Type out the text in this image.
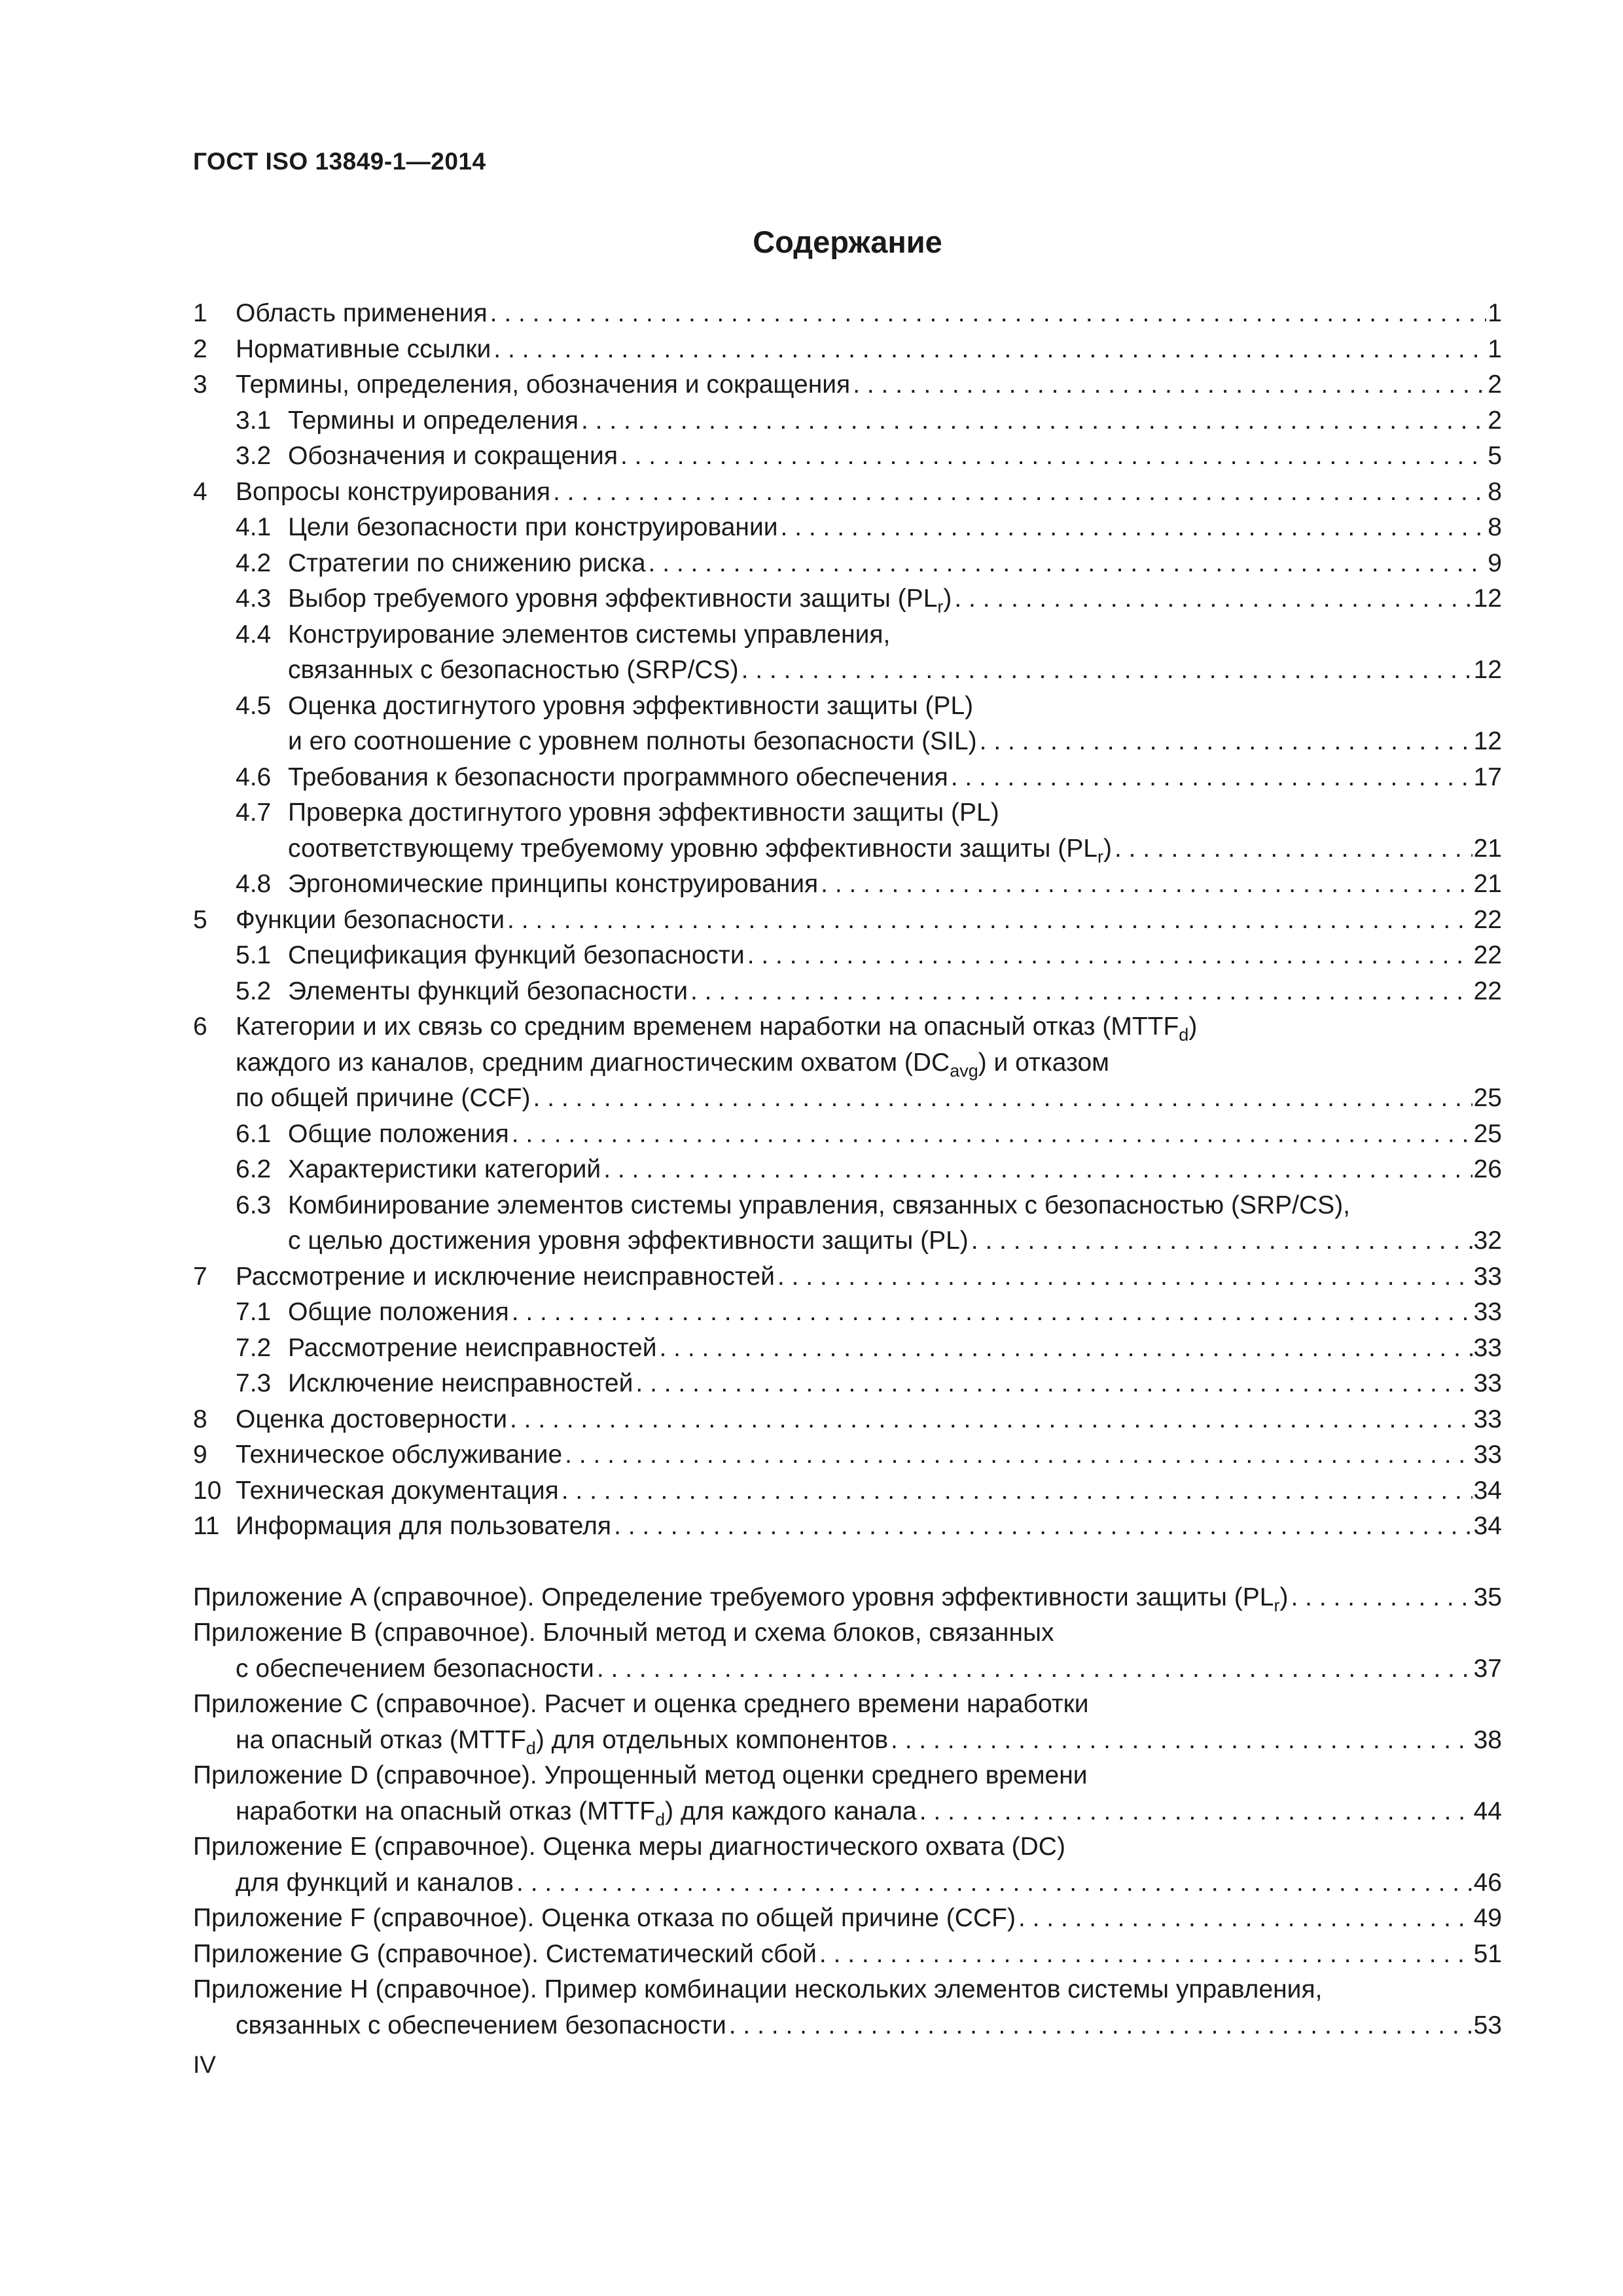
ГОСТ ISO 13849-1—2014
Содержание
1 Область применения . . .	1
2 Нормативные ссылки . . .	1
3 Термины, определения, обозначения и сокращения . . .	2
3.1 Термины и определения . . .	2
3.2 Обозначения и сокращения . . .	5
4 Вопросы конструирования . . .	8
4.1 Цели безопасности при конструировании . . .	8
4.2 Стратегии по снижению риска . . .	9
4.3 Выбор требуемого уровня эффективности защиты $(PL_r)$ . . .	12
4.4 Конструирование элементов системы управления,
связанных с безопасностью (SRP/CS) . . .	12
4.5 Оценка достигнутого уровня эффективности защиты (PL)
и его соотношение с уровнем полноты безопасности (SIL) . . .	12
4.6 Требования к безопасности программного обеспечения . . .	17
4.7 Проверка достигнутого уровня эффективности защиты (PL)
соответствующему требуемому уровню эффективности защиты $(PL_r)$ . . .	21
4.8 Эргономические принципы конструирования . . .	21
5 Функции безопасности . . .	22
5.1 Спецификация функций безопасности . . .	22
5.2 Элементы функций безопасности . . .	22
6 Категории и их связь со средним временем наработки на опасный отказ $(MTTF_d)$
каждого из каналов, средним диагностическим охватом $(DC_{avg})$ и отказом
по общей причине (CCF) . . .	25
6.1 Общие положения . . .	25
6.2 Характеристики категорий . . .	26
6.3 Комбинирование элементов системы управления, связанных с безопасностью (SRP/CS),
с целью достижения уровня эффективности защиты (PL) . . .	32
7 Рассмотрение и исключение неисправностей . . .	33
7.1 Общие положения . . .	33
7.2 Рассмотрение неисправностей . . .	33
7.3 Исключение неисправностей . . .	33
8 Оценка достоверности . . .	33
9 Техническое обслуживание . . .	33
10 Техническая документация . . .	34
11 Информация для пользователя . . .	34
Приложение A (справочное). Определение требуемого уровня эффективности защиты $(PL_r)$ . . .	35
Приложение B (справочное). Блочный метод и схема блоков, связанных
с обеспечением безопасности . . .	37
Приложение C (справочное). Расчет и оценка среднего времени наработки
на опасный отказ $(MTTF_d)$ для отдельных компонентов . . .	38
Приложение D (справочное). Упрощенный метод оценки среднего времени
наработки на опасный отказ $(MTTF_d)$ для каждого канала . . .	44
Приложение E (справочное). Оценка меры диагностического охвата (DC)
для функций и каналов . . .	46
Приложение F (справочное). Оценка отказа по общей причине (CCF) . . .	49
Приложение G (справочное). Систематический сбой . . .	51
Приложение H (справочное). Пример комбинации нескольких элементов системы управления,
связанных с обеспечением безопасности . . .	53
IV
